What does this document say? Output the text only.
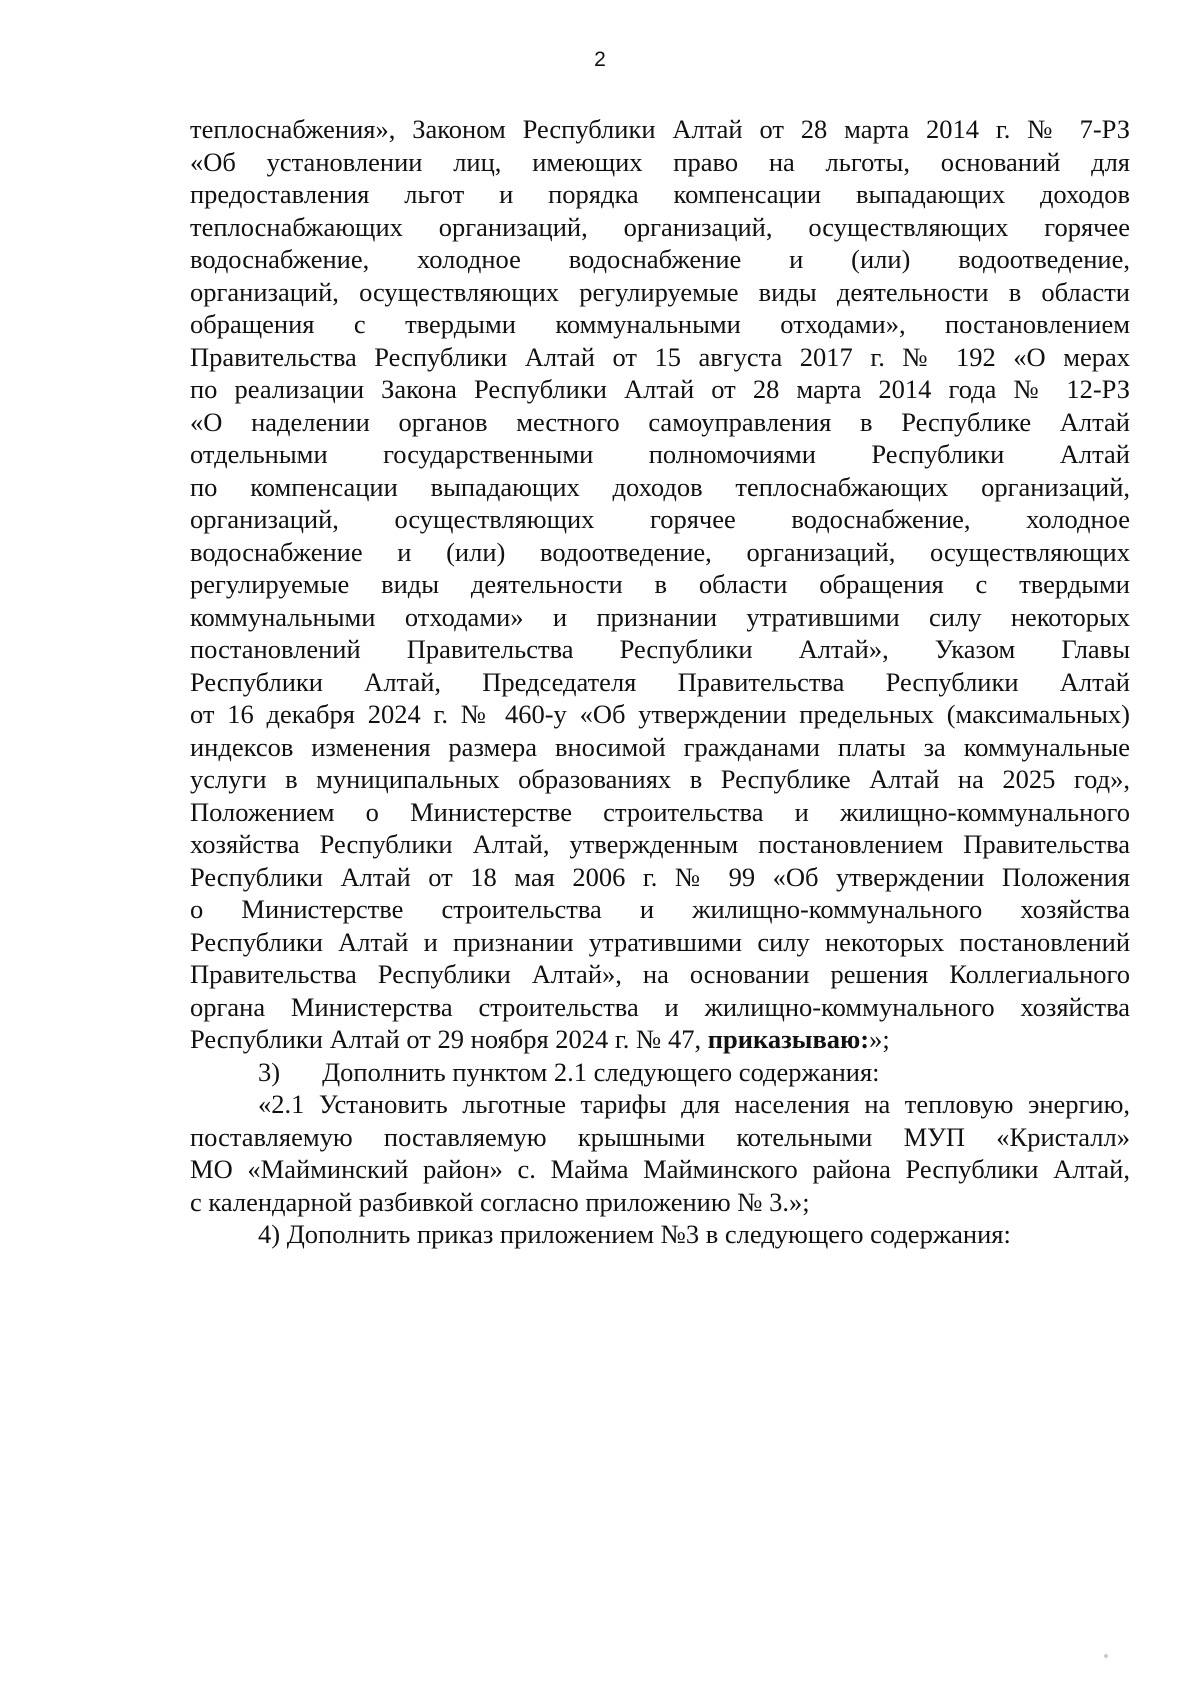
2
теплоснабжения», Законом Республики Алтай от 28 марта 2014 г. № 7-РЗ
«Об установлении лиц, имеющих право на льготы, оснований для
предоставления льгот и порядка компенсации выпадающих доходов
теплоснабжающих организаций, организаций, осуществляющих горячее
водоснабжение, холодное водоснабжение и (или) водоотведение,
организаций, осуществляющих регулируемые виды деятельности в области
обращения с твердыми коммунальными отходами», постановлением
Правительства Республики Алтай от 15 августа 2017 г. № 192 «О мерах
по реализации Закона Республики Алтай от 28 марта 2014 года № 12-РЗ
«О наделении органов местного самоуправления в Республике Алтай
отдельными государственными полномочиями Республики Алтай
по компенсации выпадающих доходов теплоснабжающих организаций,
организаций, осуществляющих горячее водоснабжение, холодное
водоснабжение и (или) водоотведение, организаций, осуществляющих
регулируемые виды деятельности в области обращения с твердыми
коммунальными отходами» и признании утратившими силу некоторых
постановлений Правительства Республики Алтай», Указом Главы
Республики Алтай, Председателя Правительства Республики Алтай
от 16 декабря 2024 г. № 460-у «Об утверждении предельных (максимальных)
индексов изменения размера вносимой гражданами платы за коммунальные
услуги в муниципальных образованиях в Республике Алтай на 2025 год»,
Положением о Министерстве строительства и жилищно-коммунального
хозяйства Республики Алтай, утвержденным постановлением Правительства
Республики Алтай от 18 мая 2006 г. № 99 «Об утверждении Положения
о Министерстве строительства и жилищно-коммунального хозяйства
Республики Алтай и признании утратившими силу некоторых постановлений
Правительства Республики Алтай», на основании решения Коллегиального
органа Министерства строительства и жилищно-коммунального хозяйства
Республики Алтай от 29 ноября 2024 г. № 47, приказываю:»;
3) Дополнить пунктом 2.1 следующего содержания:
«2.1 Установить льготные тарифы для населения на тепловую энергию,
поставляемую поставляемую крышными котельными МУП «Кристалл»
МО «Майминский район» с. Майма Майминского района Республики Алтай,
с календарной разбивкой согласно приложению № 3.»;
4) Дополнить приказ приложением №3 в следующего содержания:
